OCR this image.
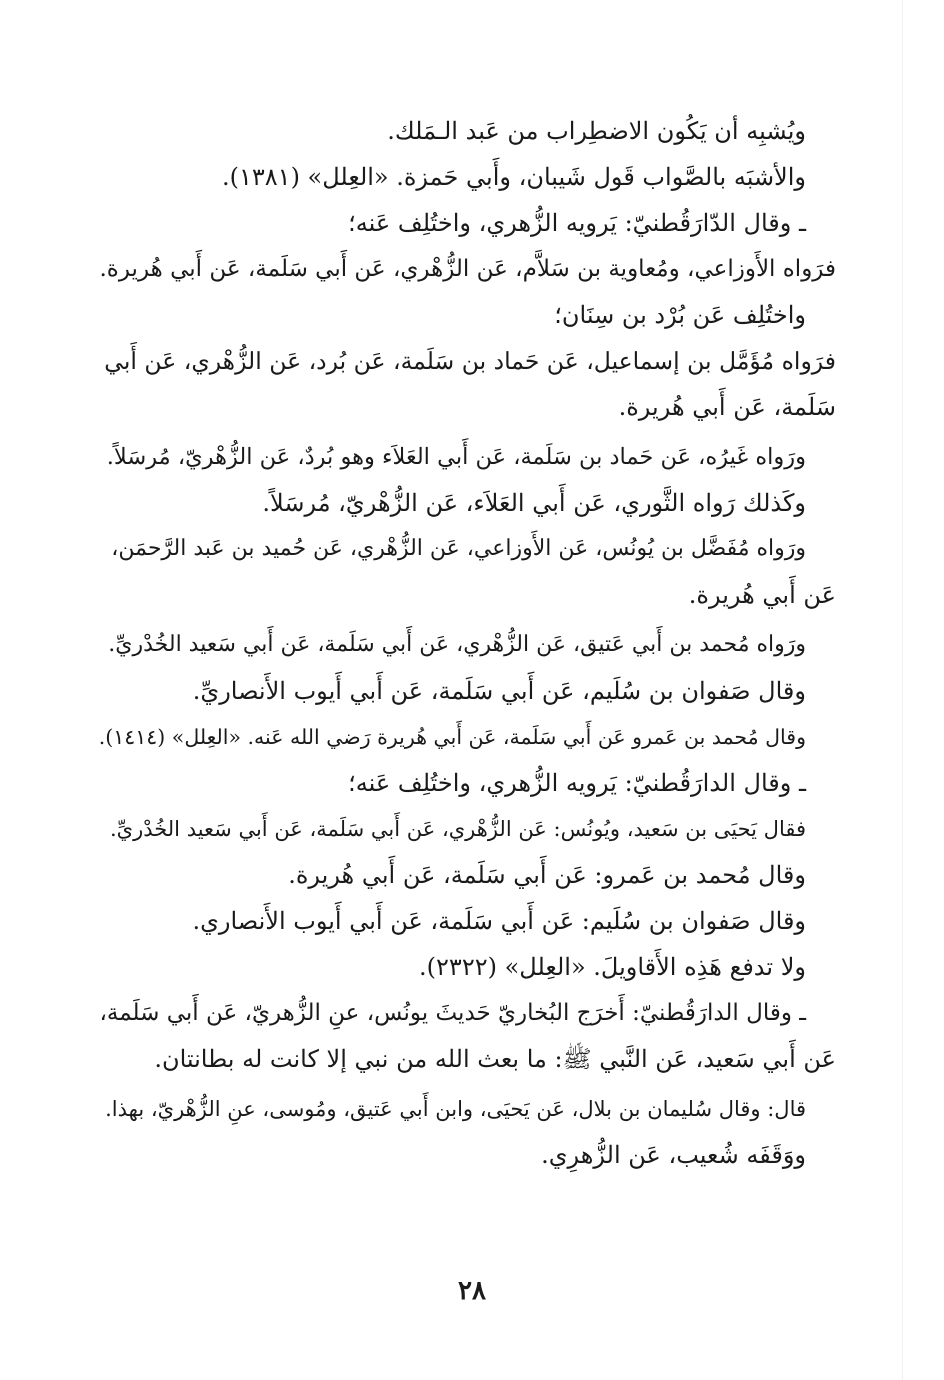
ويُشبِه أن يَكُون الاضطِراب من عَبد الـمَلك.

والأشبَه بالصَّواب قَول شَيبان، وأَبي حَمزة. «العِلل» (١٣٨١).

ـ وقال الدّارَقُطنيّ: يَرويه الزُّهري، واختُلِف عَنه؛

فرَواه الأَوزاعي، ومُعاوية بن سَلاَّم، عَن الزُّهْري، عَن أَبي سَلَمة، عَن أَبي هُريرة.

واختُلِف عَن بُرْد بن سِنَان؛

فرَواه مُؤَمَّل بن إسماعيل، عَن حَماد بن سَلَمة، عَن بُرد، عَن الزُّهْري، عَن أَبي

سَلَمة، عَن أَبي هُريرة.

ورَواه غَيرُه، عَن حَماد بن سَلَمة، عَن أَبي العَلاَء وهو بُردٌ، عَن الزُّهْريّ، مُرسَلاً.

وكَذلك رَواه الثَّوري، عَن أَبي العَلاَء، عَن الزُّهْريّ، مُرسَلاً.

ورَواه مُفَضَّل بن يُونُس، عَن الأَوزاعي، عَن الزُّهْري، عَن حُميد بن عَبد الرَّحمَن،

عَن أَبي هُريرة.

ورَواه مُحمد بن أَبي عَتيق، عَن الزُّهْري، عَن أَبي سَلَمة، عَن أَبي سَعيد الخُدْريِّ.

وقال صَفوان بن سُلَيم، عَن أَبي سَلَمة، عَن أَبي أَيوب الأَنصاريِّ.

وقال مُحمد بن عَمرو عَن أَبي سَلَمة، عَن أَبي هُريرة رَضي الله عَنه. «العِلل» (١٤١٤).

ـ وقال الدارَقُطنيّ: يَرويه الزُّهري، واختُلِف عَنه؛

فقال يَحيَى بن سَعيد، ويُونُس: عَن الزُّهْري، عَن أَبي سَلَمة، عَن أَبي سَعيد الخُدْريِّ.

وقال مُحمد بن عَمرو: عَن أَبي سَلَمة، عَن أَبي هُريرة.

وقال صَفوان بن سُلَيم: عَن أَبي سَلَمة، عَن أَبي أَيوب الأَنصاري.

ولا تدفع هَذِه الأَقاويلَ. «العِلل» (٢٣٢٢).

ـ وقال الدارَقُطنيّ: أَخرَج البُخاريّ حَديثَ يونُس، عنِ الزُّهريّ، عَن أَبي سَلَمة،

عَن أَبي سَعيد، عَن النَّبي ﷺ: ما بعث الله من نبي إلا كانت له بطانتان.

قال: وقال سُليمان بن بلال، عَن يَحيَى، وابن أَبي عَتيق، ومُوسى، عنِ الزُّهْريّ، بهذا.

ووَقَفَه شُعيب، عَن الزُّهرِي.

٢٨
